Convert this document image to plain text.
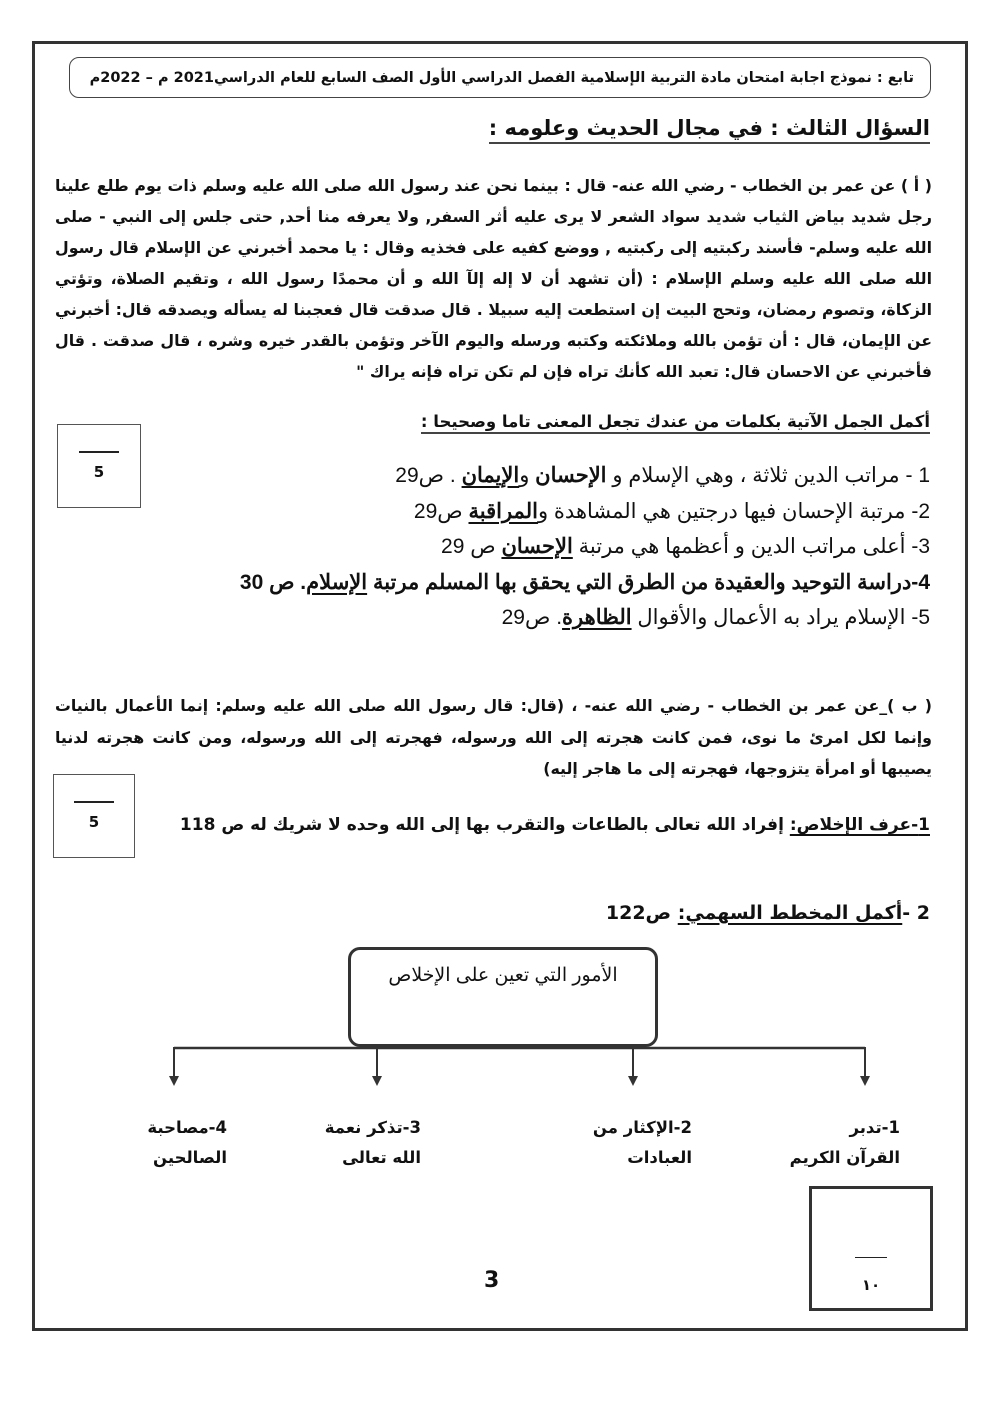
تابع : نموذج اجابة امتحان مادة التربية الإسلامية الفصل الدراسي الأول الصف السابع للعام الدراسي2021 م – 2022م
السؤال الثالث : في مجال الحديث وعلومه :
( أ ) عن عمر بن الخطاب - رضي الله عنه- قال : بينما نحن عند رسول الله صلى الله عليه وسلم ذات يوم طلع علينا رجل شديد بياض الثياب شديد سواد الشعر لا يرى عليه أثر السفر, ولا يعرفه منا أحد, حتى جلس إلى النبي - صلى الله عليه وسلم- فأسند ركبتيه إلى ركبتيه , ووضع كفيه على فخذيه وقال : يا محمد أخبرني عن الإسلام قال رسول الله صلى الله عليه وسلم الإسلام : (أن تشهد أن لا إله إلآ الله و أن محمدًا رسول الله ، وتقيم الصلاة، وتؤتي الزكاة، وتصوم رمضان، وتحج البيت إن استطعت إليه سبيلا . قال صدقت قال فعجبنا له يسأله ويصدقه قال: أخبرني عن الإيمان، قال : أن تؤمن بالله وملائكته وكتبه ورسله واليوم الآخر وتؤمن بالقدر خيره وشره ، قال صدقت . قال فأخبرني عن الاحسان قال: تعبد الله كأنك تراه فإن لم تكن تراه فإنه يراك "
5
أكمل الجمل الآتية بكلمات من عندك تجعل المعنى تاما وصحيحا :
1 - مراتب الدين ثلاثة ، وهي الإسلام و الإحسان والإيمان . ص29
2- مرتبة الإحسان فيها درجتين هي المشاهدة والمراقبة ص29
3- أعلى مراتب الدين و أعظمها هي مرتبة الإحسان ص 29
4-دراسة التوحيد والعقيدة من الطرق التي يحقق بها المسلم مرتبة الإسلام. ص 30
5- الإسلام يراد به الأعمال والأقوال الظاهرة. ص29
( ب )_عن عمر بن الخطاب - رضي الله عنه- ، (قال: قال رسول الله صلى الله عليه وسلم: إنما الأعمال بالنيات وإنما لكل امرئ ما نوى، فمن كانت هجرته إلى الله ورسوله، فهجرته إلى الله ورسوله، ومن كانت هجرته لدنيا يصيبها أو امرأة يتزوجها، فهجرته إلى ما هاجر إليه)
5	1-عرف الإخلاص: إفراد الله تعالى بالطاعات والتقرب بها إلى الله وحده لا شريك له ص 118
2 -أكمل المخطط السهمي: ص122
الأمور التي تعين على الإخلاص
1-تدبر
القرآن الكريم
2-الإكثار من
العبادات
3-تذكر نعمة
الله تعالى
4-مصاحبة
الصالحين
١٠
3
